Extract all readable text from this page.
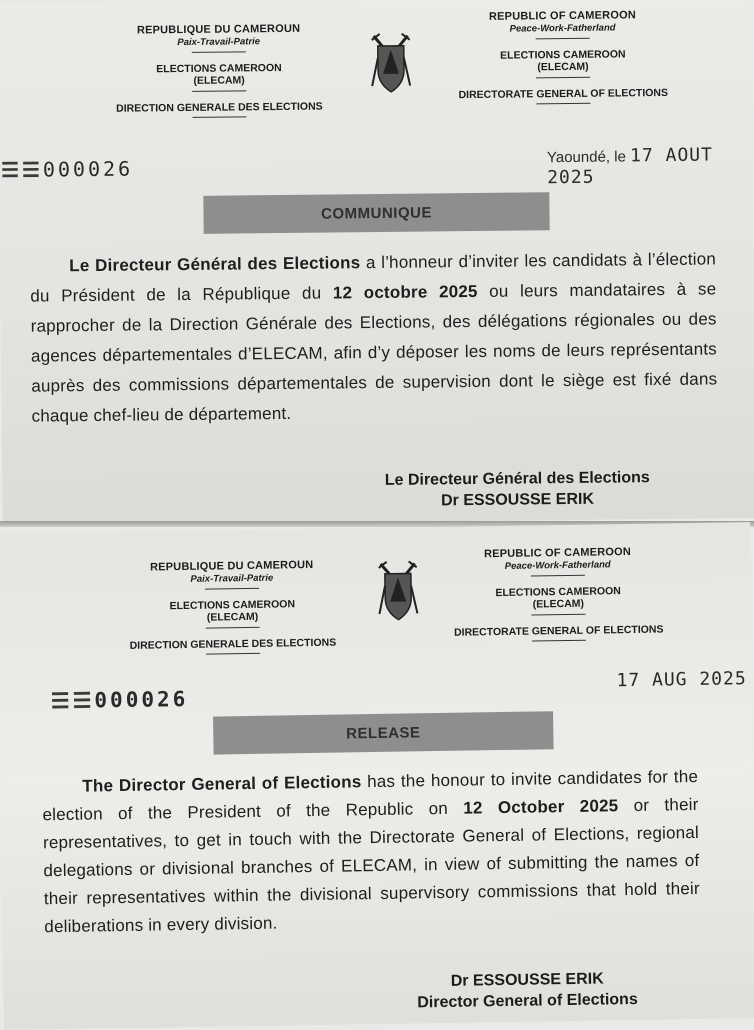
REPUBLIQUE DU CAMEROUN
Paix-Travail-Patrie
ELECTIONS CAMEROON
(ELECAM)
DIRECTION GENERALE DES ELECTIONS
REPUBLIC OF CAMEROON
Peace-Work-Fatherland
ELECTIONS CAMEROON
(ELECAM)
DIRECTORATE GENERAL OF ELECTIONS
☰☰000026	Yaoundé, le 17 AOUT 2025
COMMUNIQUE
Le Directeur Général des Elections a l’honneur d’inviter les candidats à l’élection du Président de la République du 12 octobre 2025 ou leurs mandataires à se rapprocher de la Direction Générale des Elections, des délégations régionales ou des agences départementales d’ELECAM, afin d’y déposer les noms de leurs représentants auprès des commissions départementales de supervision dont le siège est fixé dans chaque chef-lieu de département.
Le Directeur Général des Elections
Dr ESSOUSSE ERIK
REPUBLIQUE DU CAMEROUN
Paix-Travail-Patrie
ELECTIONS CAMEROON
(ELECAM)
DIRECTION GENERALE DES ELECTIONS
REPUBLIC OF CAMEROON
Peace-Work-Fatherland
ELECTIONS CAMEROON
(ELECAM)
DIRECTORATE GENERAL OF ELECTIONS
☰☰000026
17 AUG 2025
RELEASE
The Director General of Elections has the honour to invite candidates for the election of the President of the Republic on 12 October 2025 or their representatives, to get in touch with the Directorate General of Elections, regional delegations or divisional branches of ELECAM, in view of submitting the names of their representatives within the divisional supervisory commissions that hold their deliberations in every division.
Dr ESSOUSSE ERIK
Director General of Elections
